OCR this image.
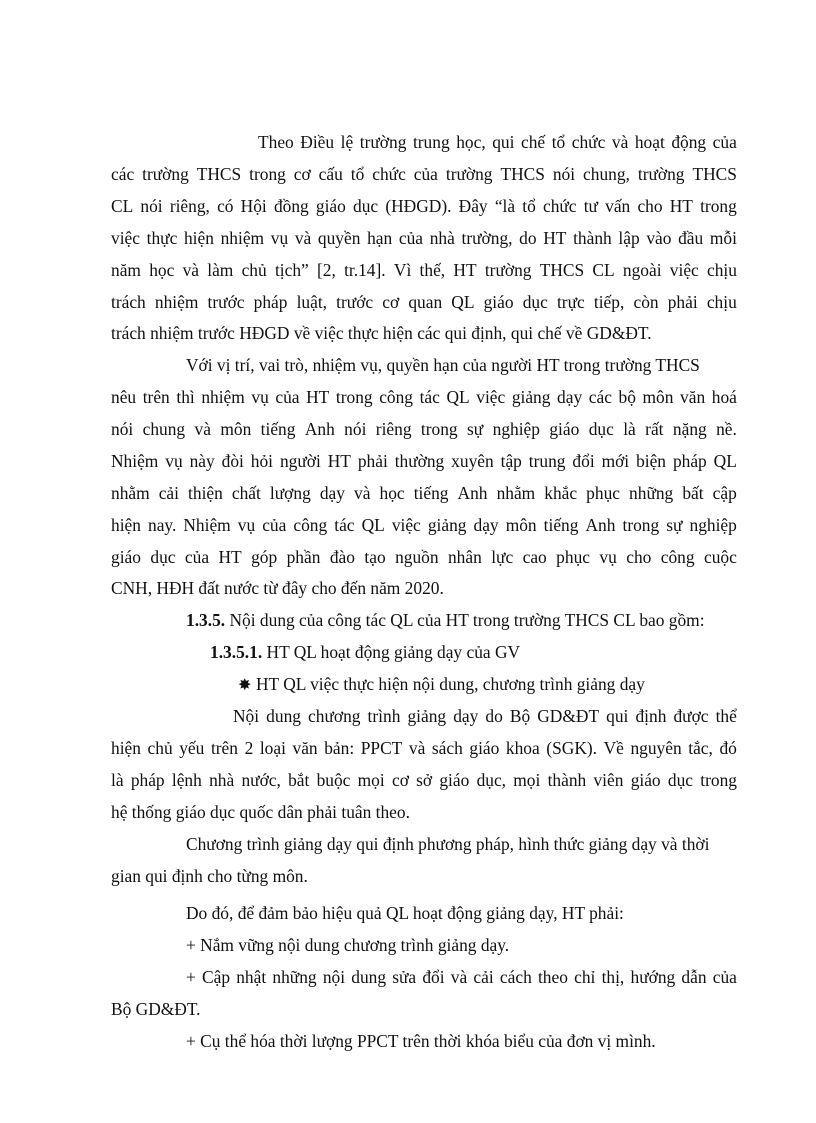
Theo Điều lệ trường trung học, qui chế tổ chức và hoạt động của

các trường THCS trong cơ cấu tổ chức của trường THCS nói chung, trường THCS

CL nói riêng, có Hội đồng giáo dục (HĐGD). Đây “là tổ chức tư vấn cho HT trong

việc thực hiện nhiệm vụ và quyền hạn của nhà trường, do HT thành lập vào đầu mỗi

năm học và làm chủ tịch” [2, tr.14]. Vì thế, HT trường THCS CL ngoài việc chịu

trách nhiệm trước pháp luật, trước cơ quan QL giáo dục trực tiếp, còn phải chịu

trách nhiệm trước HĐGD về việc thực hiện các qui định, qui chế về GD&ĐT.

Với vị trí, vai trò, nhiệm vụ, quyền hạn của người HT trong trường THCS

nêu trên thì nhiệm vụ của HT trong công tác QL việc giảng dạy các bộ môn văn hoá

nói chung và môn tiếng Anh nói riêng trong sự nghiệp giáo dục là rất nặng nề.

Nhiệm vụ này đòi hỏi người HT phải thường xuyên tập trung đổi mới biện pháp QL

nhằm cải thiện chất lượng dạy và học tiếng Anh nhằm khắc phục những bất cập

hiện nay. Nhiệm vụ của công tác QL việc giảng dạy môn tiếng Anh trong sự nghiệp

giáo dục của HT góp phần đào tạo nguồn nhân lực cao phục vụ cho công cuộc

CNH, HĐH đất nước từ đây cho đến năm 2020.

1.3.5. Nội dung của công tác QL của HT trong trường THCS CL bao gồm:

1.3.5.1. HT QL hoạt động giảng dạy của GV

✸ HT QL việc thực hiện nội dung, chương trình giảng dạy

Nội dung chương trình giảng dạy do Bộ GD&ĐT qui định được thể

hiện chủ yếu trên 2 loại văn bản: PPCT và sách giáo khoa (SGK). Về nguyên tắc, đó

là pháp lệnh nhà nước, bắt buộc mọi cơ sở giáo dục, mọi thành viên giáo dục trong

hệ thống giáo dục quốc dân phải tuân theo.

Chương trình giảng dạy qui định phương pháp, hình thức giảng dạy và thời

gian qui định cho từng môn.

Do đó, để đảm bảo hiệu quả QL hoạt động giảng dạy, HT phải:

+ Nắm vững nội dung chương trình giảng dạy.

+ Cập nhật những nội dung sửa đổi và cải cách theo chỉ thị, hướng dẫn của

Bộ GD&ĐT.

+ Cụ thể hóa thời lượng PPCT trên thời khóa biểu của đơn vị mình.
